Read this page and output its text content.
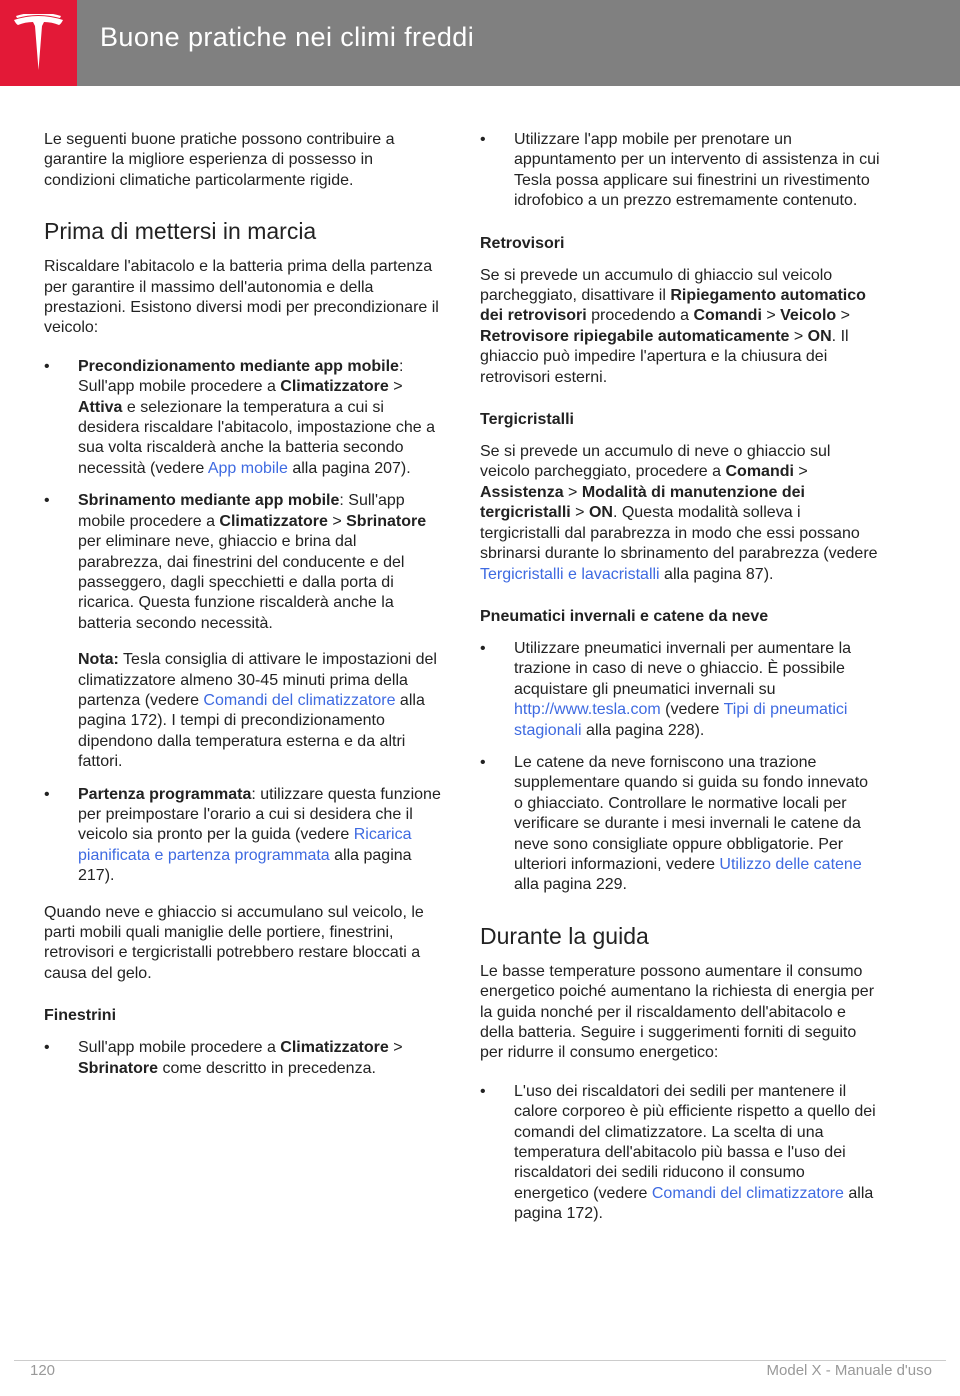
Buone pratiche nei climi freddi

Le seguenti buone pratiche possono contribuire a garantire la migliore esperienza di possesso in condizioni climatiche particolarmente rigide.

Prima di mettersi in marcia

Riscaldare l'abitacolo e la batteria prima della partenza per garantire il massimo dell'autonomia e della prestazioni. Esistono diversi modi per precondizionare il veicolo:

• Precondizionamento mediante app mobile: Sull'app mobile procedere a Climatizzatore > Attiva e selezionare la temperatura a cui si desidera riscaldare l'abitacolo, impostazione che a sua volta riscalderà anche la batteria secondo necessità (vedere App mobile alla pagina 207).
• Sbrinamento mediante app mobile: Sull'app mobile procedere a Climatizzatore > Sbrinatore per eliminare neve, ghiaccio e brina dal parabrezza, dai finestrini del conducente e del passeggero, dagli specchietti e dalla porta di ricarica. Questa funzione riscalderà anche la batteria secondo necessità.

Nota: Tesla consiglia di attivare le impostazioni del climatizzatore almeno 30-45 minuti prima della partenza (vedere Comandi del climatizzatore alla pagina 172). I tempi di precondizionamento dipendono dalla temperatura esterna e da altri fattori.

• Partenza programmata: utilizzare questa funzione per preimpostare l'orario a cui si desidera che il veicolo sia pronto per la guida (vedere Ricarica pianificata e partenza programmata alla pagina 217).

Quando neve e ghiaccio si accumulano sul veicolo, le parti mobili quali maniglie delle portiere, finestrini, retrovisori e tergicristalli potrebbero restare bloccati a causa del gelo.

Finestrini
• Sull'app mobile procedere a Climatizzatore > Sbrinatore come descritto in precedenza.
• Utilizzare l'app mobile per prenotare un appuntamento per un intervento di assistenza in cui Tesla possa applicare sui finestrini un rivestimento idrofobico a un prezzo estremamente contenuto.
Retrovisori

Se si prevede un accumulo di ghiaccio sul veicolo parcheggiato, disattivare il Ripiegamento automatico dei retrovisori procedendo a Comandi > Veicolo > Retrovisore ripiegabile automaticamente > ON. Il ghiaccio può impedire l'apertura e la chiusura dei retrovisori esterni.

Tergicristalli

Se si prevede un accumulo di neve o ghiaccio sul veicolo parcheggiato, procedere a Comandi > Assistenza > Modalità di manutenzione dei tergicristalli > ON. Questa modalità solleva i tergicristalli dal parabrezza in modo che essi possano sbrinarsi durante lo sbrinamento del parabrezza (vedere Tergicristalli e lavacristalli alla pagina 87).

Pneumatici invernali e catene da neve
• Utilizzare pneumatici invernali per aumentare la trazione in caso di neve o ghiaccio. È possibile acquistare gli pneumatici invernali su http://www.tesla.com (vedere Tipi di pneumatici stagionali alla pagina 228).
• Le catene da neve forniscono una trazione supplementare quando si guida su fondo innevato o ghiacciato. Controllare le normative locali per verificare se durante i mesi invernali le catene da neve sono consigliate oppure obbligatorie. Per ulteriori informazioni, vedere Utilizzo delle catene alla pagina 229.
Durante la guida

Le basse temperature possono aumentare il consumo energetico poiché aumentano la richiesta di energia per la guida nonché per il riscaldamento dell'abitacolo e della batteria. Seguire i suggerimenti forniti di seguito per ridurre il consumo energetico:

• L'uso dei riscaldatori dei sedili per mantenere il calore corporeo è più efficiente rispetto a quello dei comandi del climatizzatore. La scelta di una temperatura dell'abitacolo più bassa e l'uso dei riscaldatori dei sedili riducono il consumo energetico (vedere Comandi del climatizzatore alla pagina 172).
120	Model X - Manuale d'uso
